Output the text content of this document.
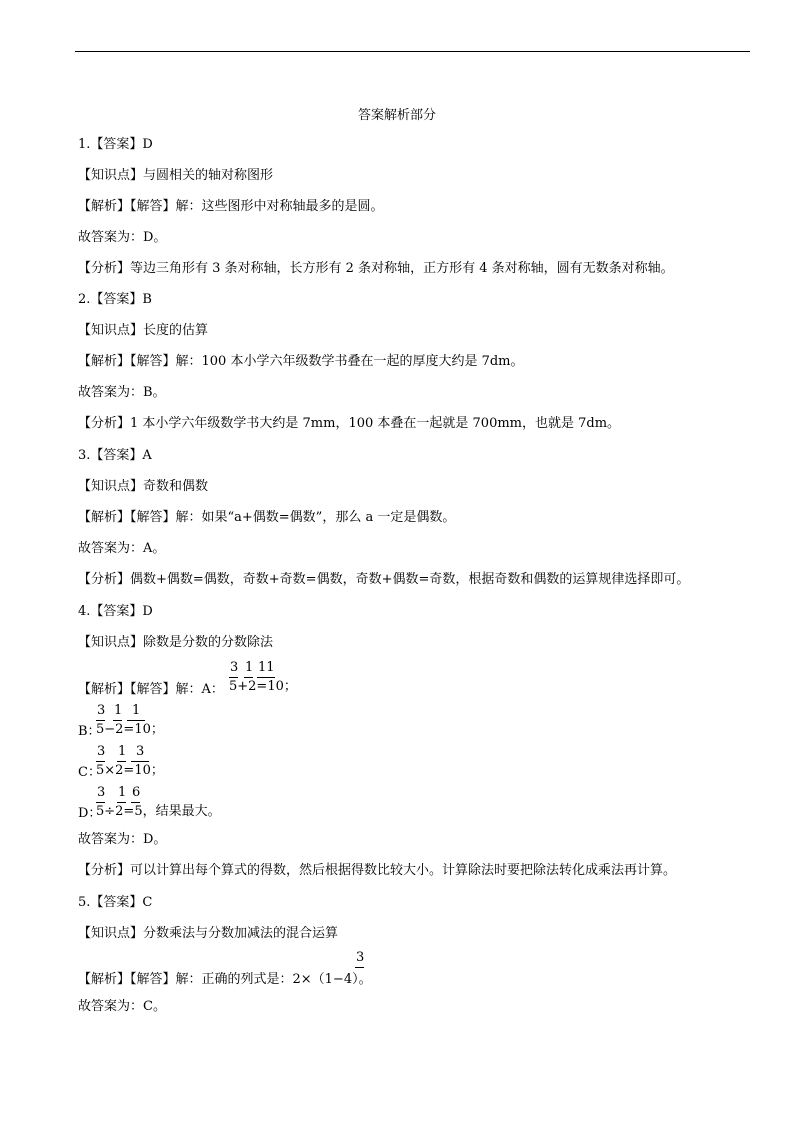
答案解析部分
1.【答案】D
【知识点】与圆相关的轴对称图形
【解析】【解答】解：这些图形中对称轴最多的是圆。
故答案为：D。
【分析】等边三角形有 3 条对称轴，长方形有 2 条对称轴，正方形有 4 条对称轴，圆有无数条对称轴。
2.【答案】B
【知识点】长度的估算
【解析】【解答】解：100 本小学六年级数学书叠在一起的厚度大约是 7dm。
故答案为：B。
【分析】1 本小学六年级数学书大约是 7mm，100 本叠在一起就是 700mm，也就是 7dm。
3.【答案】A
【知识点】奇数和偶数
【解析】【解答】解：如果“a+偶数=偶数”，那么 a 一定是偶数。
故答案为：A。
【分析】偶数+偶数=偶数，奇数+奇数=偶数，奇数+偶数=奇数，根据奇数和偶数的运算规律选择即可。
4.【答案】D
【知识点】除数是分数的分数除法
【解析】【解答】解：A：
3 1 11
5+2=10；
3 1 1
B：
5−2=10；
3 1 3
C：
5×2=10；
3 1 6
D：
5÷2=5，结果最大。
故答案为：D。
【分析】可以计算出每个算式的得数，然后根据得数比较大小。计算除法时要把除法转化成乘法再计算。
5.【答案】C
【知识点】分数乘法与分数加减法的混合运算
3
【解析】【解答】解：正确的列式是：2×（1−4）。
故答案为：C。
